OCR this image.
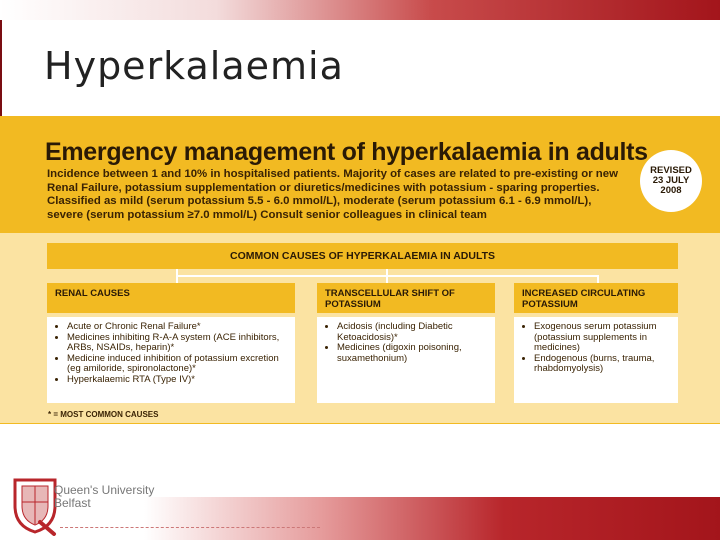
Hyperkalaemia
Emergency management of hyperkalaemia in adults
Incidence between 1 and 10% in hospitalised patients. Majority of cases are related to pre-existing or new Renal Failure, potassium supplementation or diuretics/medicines with potassium - sparing properties. Classified as mild (serum potassium 5.5 - 6.0 mmol/L), moderate (serum potassium 6.1 - 6.9 mmol/L), severe (serum potassium ≥7.0 mmol/L) Consult senior colleagues in clinical team
REVISED
23 JULY
2008
COMMON CAUSES OF HYPERKALAEMIA IN ADULTS
RENAL CAUSES
• Acute or Chronic Renal Failure*
• Medicines inhibiting R-A-A system (ACE inhibitors, ARBs, NSAIDs, heparin)*
• Medicine induced inhibition of potassium excretion (eg amiloride, spironolactone)*
• Hyperkalaemic RTA (Type IV)*
TRANSCELLULAR SHIFT OF POTASSIUM
• Acidosis (including Diabetic Ketoacidosis)*
• Medicines (digoxin poisoning, suxamethonium)
INCREASED CIRCULATING POTASSIUM
• Exogenous serum potassium (potassium supplements in medicines)
• Endogenous (burns, trauma, rhabdomyolysis)
* = MOST COMMON CAUSES
Queen's University
Belfast
